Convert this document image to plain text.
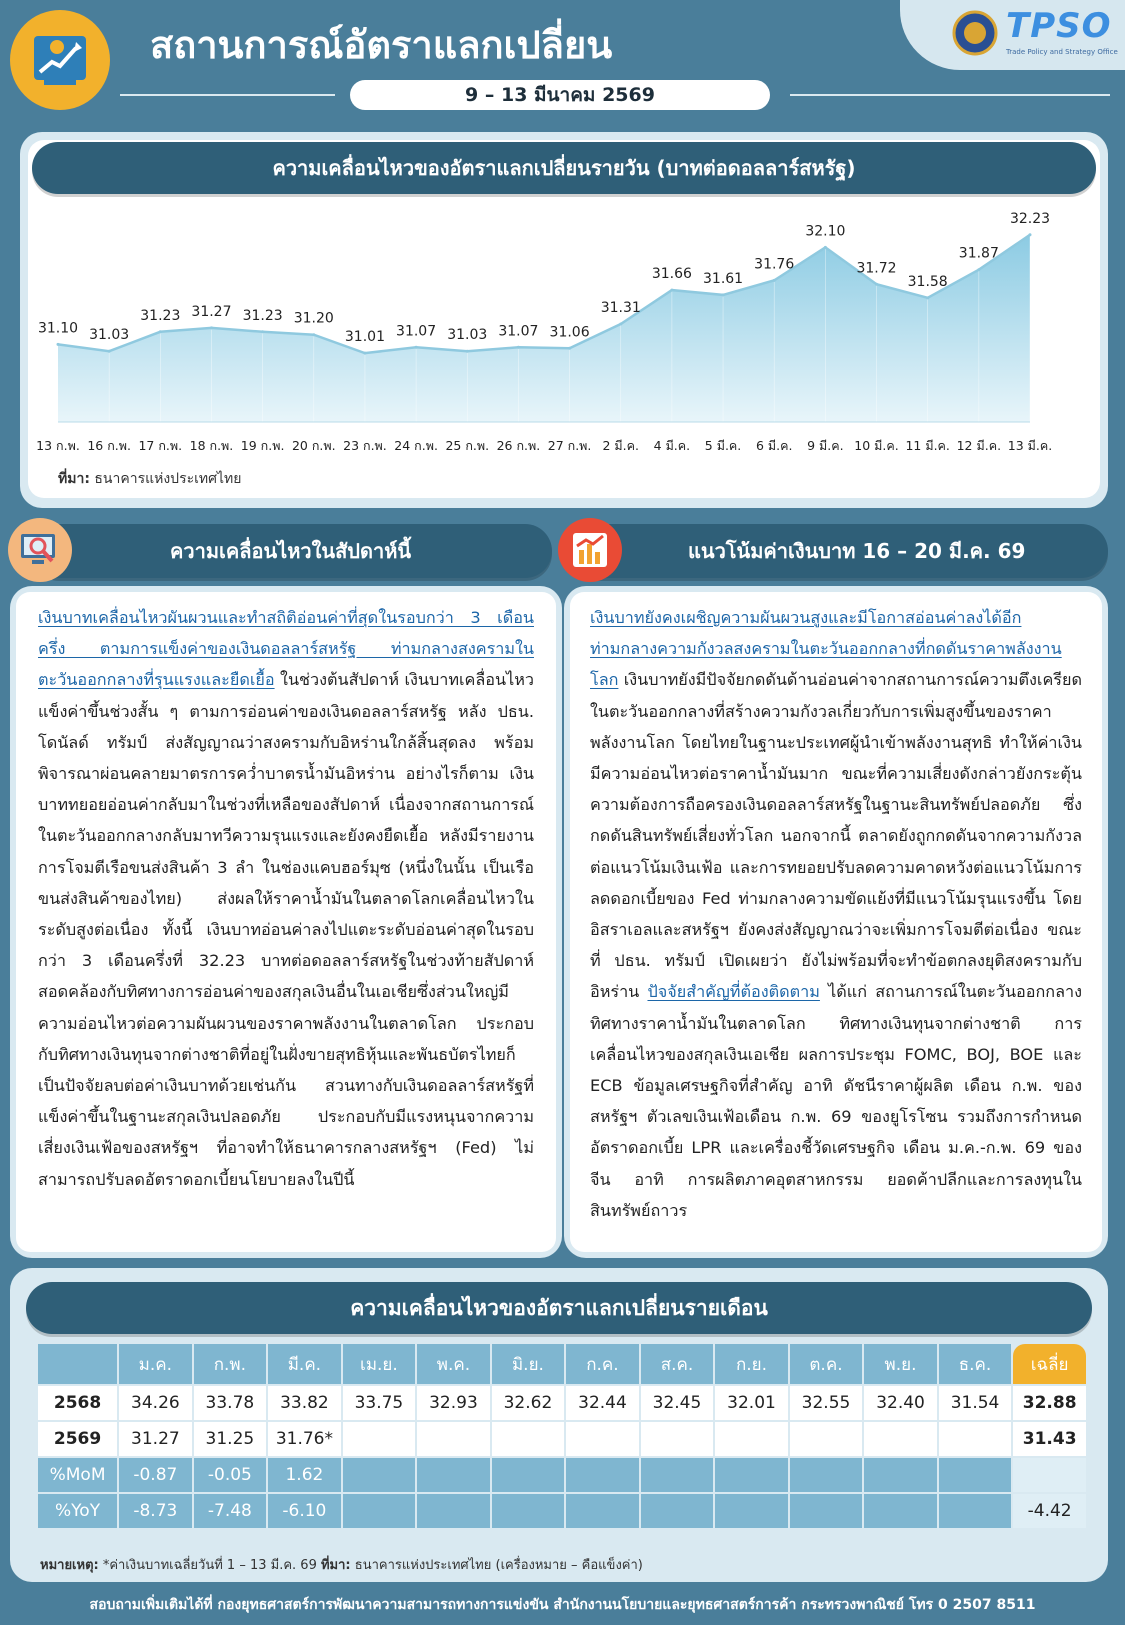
สถานการณ์อัตราแลกเปลี่ยน
9 – 13 มีนาคม 2569
TPSO
Trade Policy and Strategy Office
ความเคลื่อนไหวของอัตราแลกเปลี่ยนรายวัน (บาทต่อดอลลาร์สหรัฐ)
31.10
13 ก.พ.
31.03
16 ก.พ.
31.23
17 ก.พ.
31.27
18 ก.พ.
31.23
19 ก.พ.
31.20
20 ก.พ.
31.01
23 ก.พ.
31.07
24 ก.พ.
31.03
25 ก.พ.
31.07
26 ก.พ.
31.06
27 ก.พ.
31.31
2 มี.ค.
31.66
4 มี.ค.
31.61
5 มี.ค.
31.76
6 มี.ค.
32.10
9 มี.ค.
31.72
10 มี.ค.
31.58
11 มี.ค.
31.87
12 มี.ค.
32.23
13 มี.ค.
ที่มา: ธนาคารแห่งประเทศไทย
ความเคลื่อนไหวในสัปดาห์นี้

เงินบาทเคลื่อนไหวผันผวนและทำสถิติอ่อนค่าที่สุดในรอบกว่า 3 เดือนครึ่ง ตามการแข็งค่าของเงินดอลลาร์สหรัฐ ท่ามกลางสงครามในตะวันออกกลางที่รุนแรงและยืดเยื้อ ในช่วงต้นสัปดาห์ เงินบาทเคลื่อนไหวแข็งค่าขึ้นช่วงสั้น ๆ ตามการอ่อนค่าของเงินดอลลาร์สหรัฐ หลัง ปธน. โดนัลด์ ทรัมป์ ส่งสัญญาณว่าสงครามกับอิหร่านใกล้สิ้นสุดลง พร้อมพิจารณาผ่อนคลายมาตรการคว่ำบาตรน้ำมันอิหร่าน อย่างไรก็ตาม เงินบาททยอยอ่อนค่ากลับมาในช่วงที่เหลือของสัปดาห์ เนื่องจากสถานการณ์ในตะวันออกกลางกลับมาทวีความรุนแรงและยังคงยืดเยื้อ หลังมีรายงานการโจมตีเรือขนส่งสินค้า 3 ลำ ในช่องแคบฮอร์มุซ (หนึ่งในนั้น เป็นเรือขนส่งสินค้าของไทย) ส่งผลให้ราคาน้ำมันในตลาดโลกเคลื่อนไหวในระดับสูงต่อเนื่อง ทั้งนี้ เงินบาทอ่อนค่าลงไปแตะระดับอ่อนค่าสุดในรอบกว่า 3 เดือนครึ่งที่ 32.23 บาทต่อดอลลาร์สหรัฐในช่วงท้ายสัปดาห์ สอดคล้องกับทิศทางการอ่อนค่าของสกุลเงินอื่นในเอเชียซึ่งส่วนใหญ่มีความอ่อนไหวต่อความผันผวนของราคาพลังงานในตลาดโลก ประกอบกับทิศทางเงินทุนจากต่างชาติที่อยู่ในฝั่งขายสุทธิหุ้นและพันธบัตรไทยก็เป็นปัจจัยลบต่อค่าเงินบาทด้วยเช่นกัน สวนทางกับเงินดอลลาร์สหรัฐที่แข็งค่าขึ้นในฐานะสกุลเงินปลอดภัย ประกอบกับมีแรงหนุนจากความเสี่ยงเงินเฟ้อของสหรัฐฯ ที่อาจทำให้ธนาคารกลางสหรัฐฯ (Fed) ไม่สามารถปรับลดอัตราดอกเบี้ยนโยบายลงในปีนี้

แนวโน้มค่าเงินบาท 16 – 20 มี.ค. 69

เงินบาทยังคงเผชิญความผันผวนสูงและมีโอกาสอ่อนค่าลงได้อีก ท่ามกลางความกังวลสงครามในตะวันออกกลางที่กดดันราคาพลังงานโลก เงินบาทยังมีปัจจัยกดดันด้านอ่อนค่าจากสถานการณ์ความตึงเครียดในตะวันออกกลางที่สร้างความกังวลเกี่ยวกับการเพิ่มสูงขึ้นของราคาพลังงานโลก โดยไทยในฐานะประเทศผู้นำเข้าพลังงานสุทธิ ทำให้ค่าเงินมีความอ่อนไหวต่อราคาน้ำมันมาก ขณะที่ความเสี่ยงดังกล่าวยังกระตุ้นความต้องการถือครองเงินดอลลาร์สหรัฐในฐานะสินทรัพย์ปลอดภัย ซึ่งกดดันสินทรัพย์เสี่ยงทั่วโลก นอกจากนี้ ตลาดยังถูกกดดันจากความกังวลต่อแนวโน้มเงินเฟ้อ และการทยอยปรับลดความคาดหวังต่อแนวโน้มการลดดอกเบี้ยของ Fed ท่ามกลางความขัดแย้งที่มีแนวโน้มรุนแรงขึ้น โดยอิสราเอลและสหรัฐฯ ยังคงส่งสัญญาณว่าจะเพิ่มการโจมตีต่อเนื่อง ขณะที่ ปธน. ทรัมป์ เปิดเผยว่า ยังไม่พร้อมที่จะทำข้อตกลงยุติสงครามกับอิหร่าน ปัจจัยสำคัญที่ต้องติดตาม ได้แก่ สถานการณ์ในตะวันออกกลาง ทิศทางราคาน้ำมันในตลาดโลก ทิศทางเงินทุนจากต่างชาติ การเคลื่อนไหวของสกุลเงินเอเชีย ผลการประชุม FOMC, BOJ, BOE และ ECB ข้อมูลเศรษฐกิจที่สำคัญ อาทิ ดัชนีราคาผู้ผลิต เดือน ก.พ. ของสหรัฐฯ ตัวเลขเงินเฟ้อเดือน ก.พ. 69 ของยูโรโซน รวมถึงการกำหนดอัตราดอกเบี้ย LPR และเครื่องชี้วัดเศรษฐกิจ เดือน ม.ค.-ก.พ. 69 ของจีน อาทิ การผลิตภาคอุตสาหกรรม ยอดค้าปลีกและการลงทุนในสินทรัพย์ถาวร

ความเคลื่อนไหวของอัตราแลกเปลี่ยนรายเดือน
	ม.ค.	ก.พ.	มี.ค.	เม.ย.	พ.ค.	มิ.ย.	ก.ค.	ส.ค.	ก.ย.	ต.ค.	พ.ย.	ธ.ค.	เฉลี่ย
2568	34.26	33.78	33.82	33.75	32.93	32.62	32.44	32.45	32.01	32.55	32.40	31.54	32.88
2569	31.27	31.25	31.76*										31.43
%MoM	-0.87	-0.05	1.62										
%YoY	-8.73	-7.48	-6.10										-4.42
หมายเหตุ: *ค่าเงินบาทเฉลี่ยวันที่ 1 – 13 มี.ค. 69 ที่มา: ธนาคารแห่งประเทศไทย (เครื่องหมาย – คือแข็งค่า)
สอบถามเพิ่มเติมได้ที่ กองยุทธศาสตร์การพัฒนาความสามารถทางการแข่งขัน สำนักงานนโยบายและยุทธศาสตร์การค้า กระทรวงพาณิชย์ โทร 0 2507 8511
